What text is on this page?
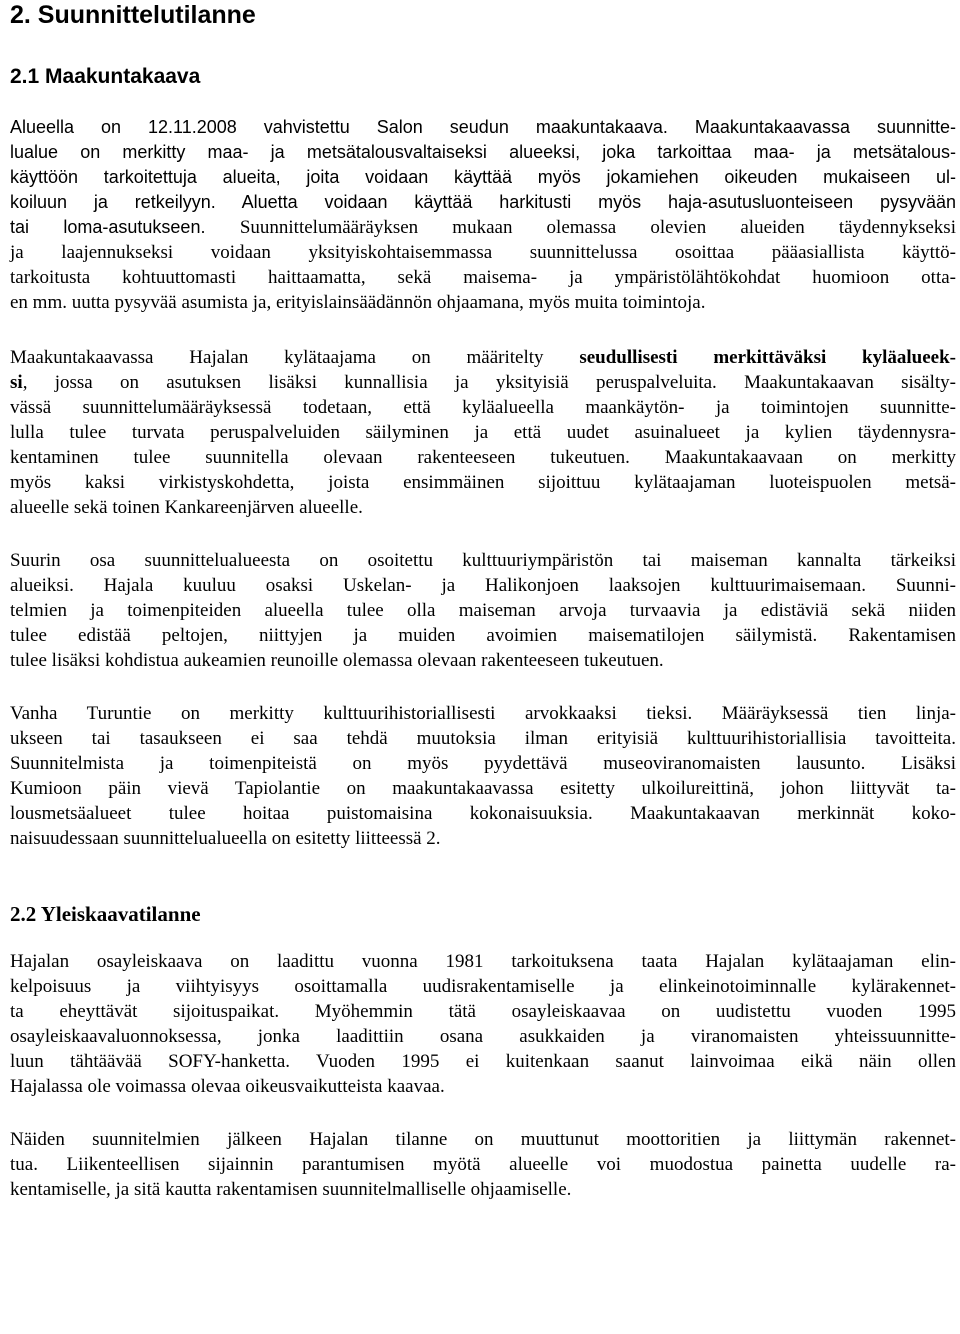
2. Suunnittelutilanne
2.1 Maakuntakaava
Alueella on 12.11.2008 vahvistettu Salon seudun maakuntakaava. Maakuntakaavassa suunnitte-
lualue on merkitty maa- ja metsätalousvaltaiseksi alueeksi, joka tarkoittaa maa- ja metsätalous-
käyttöön tarkoitettuja alueita, joita voidaan käyttää myös jokamiehen oikeuden mukaiseen ul-
koiluun ja retkeilyyn. Aluetta voidaan käyttää harkitusti myös haja-asutusluonteiseen pysyvään
tai loma-asutukseen. Suunnittelumääräyksen mukaan olemassa olevien alueiden täydennykseksi
ja laajennukseksi voidaan yksityiskohtaisemmassa suunnittelussa osoittaa pääasiallista käyttö-
tarkoitusta kohtuuttomasti haittaamatta, sekä maisema- ja ympäristölähtökohdat huomioon otta-
en mm. uutta pysyvää asumista ja, erityislainsäädännön ohjaamana, myös muita toimintoja.
Maakuntakaavassa Hajalan kylätaajama on määritelty seudullisesti merkittäväksi kyläalueek-
si, jossa on asutuksen lisäksi kunnallisia ja yksityisiä peruspalveluita. Maakuntakaavan sisälty-
vässä suunnittelumääräyksessä todetaan, että kyläalueella maankäytön- ja toimintojen suunnitte-
lulla tulee turvata peruspalveluiden säilyminen ja että uudet asuinalueet ja kylien täydennysra-
kentaminen tulee suunnitella olevaan rakenteeseen tukeutuen. Maakuntakaavaan on merkitty
myös kaksi virkistyskohdetta, joista ensimmäinen sijoittuu kylätaajaman luoteispuolen metsä-
alueelle sekä toinen Kankareenjärven alueelle.
Suurin osa suunnittelualueesta on osoitettu kulttuuriympäristön tai maiseman kannalta tärkeiksi
alueiksi. Hajala kuuluu osaksi Uskelan- ja Halikonjoen laaksojen kulttuurimaisemaan. Suunni-
telmien ja toimenpiteiden alueella tulee olla maiseman arvoja turvaavia ja edistäviä sekä niiden
tulee edistää peltojen, niittyjen ja muiden avoimien maisematilojen säilymistä. Rakentamisen
tulee lisäksi kohdistua aukeamien reunoille olemassa olevaan rakenteeseen tukeutuen.
Vanha Turuntie on merkitty kulttuurihistoriallisesti arvokkaaksi tieksi. Määräyksessä tien linja-
ukseen tai tasaukseen ei saa tehdä muutoksia ilman erityisiä kulttuurihistoriallisia tavoitteita.
Suunnitelmista ja toimenpiteistä on myös pyydettävä museoviranomaisten lausunto. Lisäksi
Kumioon päin vievä Tapiolantie on maakuntakaavassa esitetty ulkoilureittinä, johon liittyvät ta-
lousmetsäalueet tulee hoitaa puistomaisina kokonaisuuksia. Maakuntakaavan merkinnät koko-
naisuudessaan suunnittelualueella on esitetty liitteessä 2.
2.2 Yleiskaavatilanne
Hajalan osayleiskaava on laadittu vuonna 1981 tarkoituksena taata Hajalan kylätaajaman elin-
kelpoisuus ja viihtyisyys osoittamalla uudisrakentamiselle ja elinkeinotoiminnalle kylärakennet-
ta eheyttävät sijoituspaikat. Myöhemmin tätä osayleiskaavaa on uudistettu vuoden 1995
osayleiskaavaluonnoksessa, jonka laadittiin osana asukkaiden ja viranomaisten yhteissuunnitte-
luun tähtäävää SOFY-hanketta. Vuoden 1995 ei kuitenkaan saanut lainvoimaa eikä näin ollen
Hajalassa ole voimassa olevaa oikeusvaikutteista kaavaa.
Näiden suunnitelmien jälkeen Hajalan tilanne on muuttunut moottoritien ja liittymän rakennet-
tua. Liikenteellisen sijainnin parantumisen myötä alueelle voi muodostua painetta uudelle ra-
kentamiselle, ja sitä kautta rakentamisen suunnitelmalliselle ohjaamiselle.
